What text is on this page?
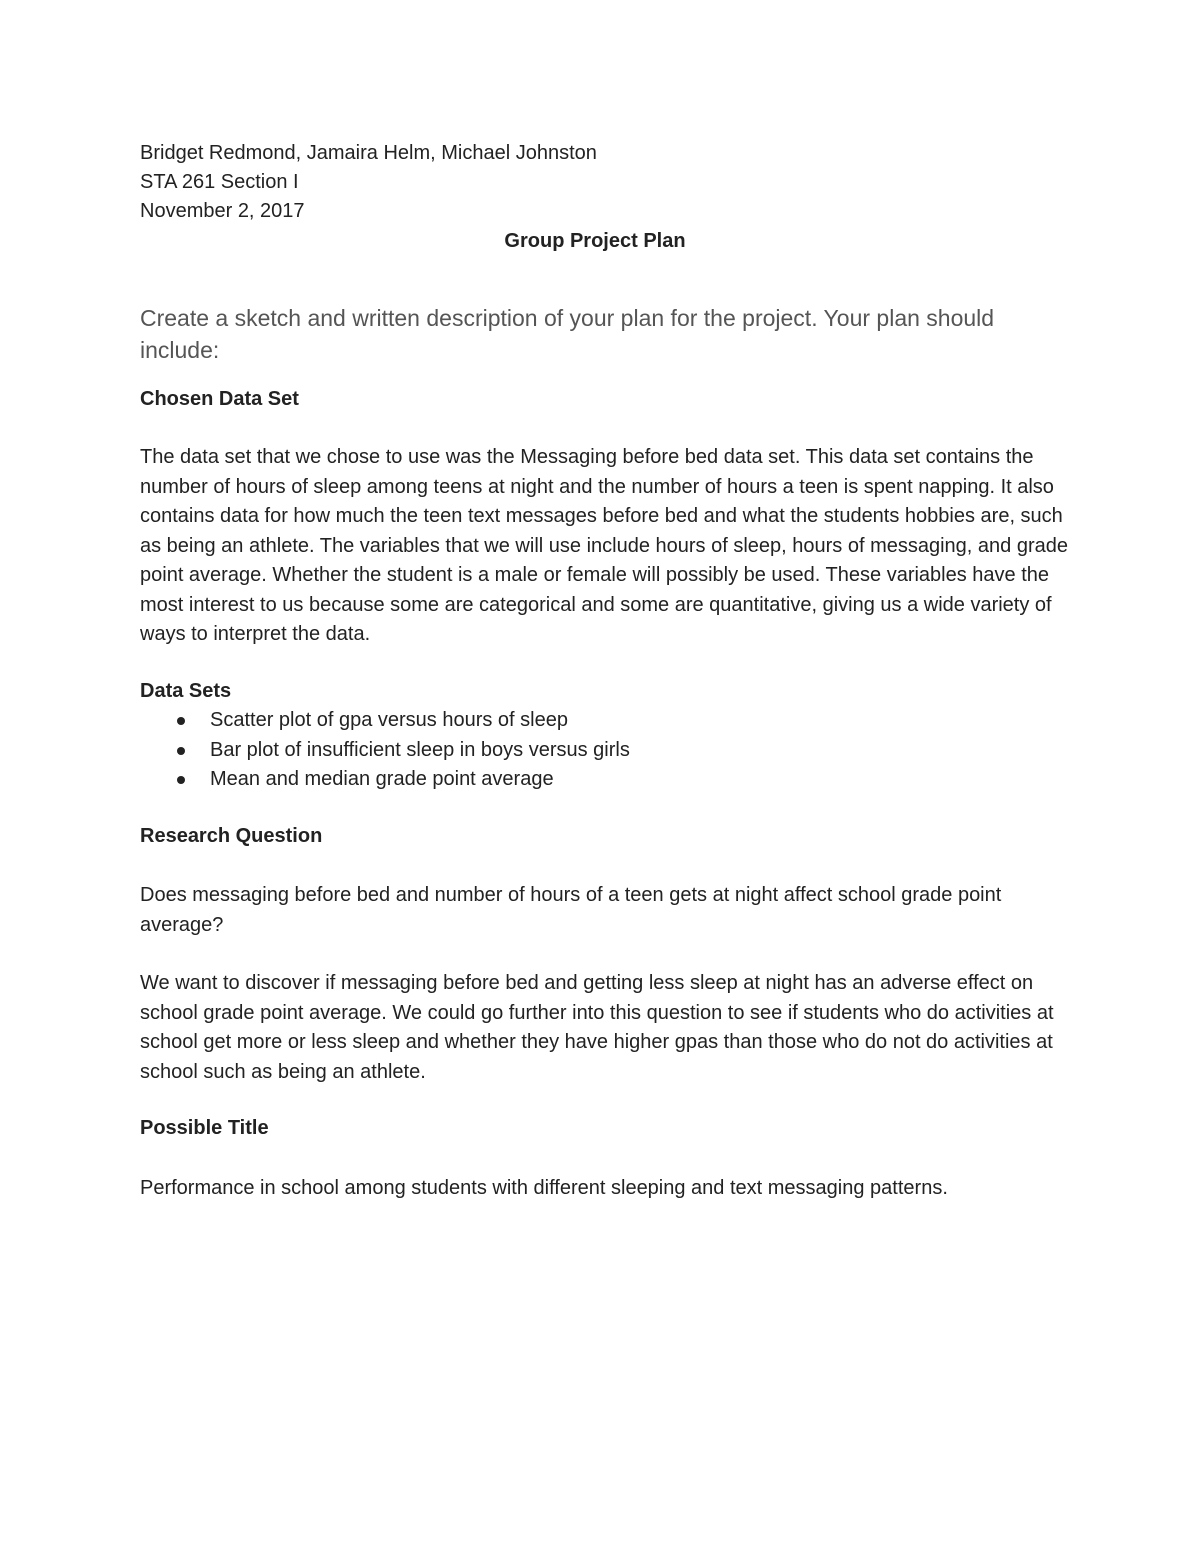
Bridget Redmond, Jamaira Helm, Michael Johnston
STA 261 Section I
November 2, 2017
Group Project Plan
Create a sketch and written description of your plan for the project. Your plan should include:
Chosen Data Set

The data set that we chose to use was the Messaging before bed data set. This data set contains the number of hours of sleep among teens at night and the number of hours a teen is spent napping. It also contains data for how much the teen text messages before bed and what the students hobbies are, such as being an athlete. The variables that we will use include hours of sleep, hours of messaging, and grade point average. Whether the student is a male or female will possibly be used. These variables have the most interest to us because some are categorical and some are quantitative, giving us a wide variety of ways to interpret the data.

Data Sets
Scatter plot of gpa versus hours of sleep
Bar plot of insufficient sleep in boys versus girls
Mean and median grade point average
Research Question

Does messaging before bed and number of hours of a teen gets at night affect school grade point average?

We want to discover if messaging before bed and getting less sleep at night has an adverse effect on school grade point average. We could go further into this question to see if students who do activities at school get more or less sleep and whether they have higher gpas than those who do not do activities at school such as being an athlete.

Possible Title

Performance in school among students with different sleeping and text messaging patterns.
